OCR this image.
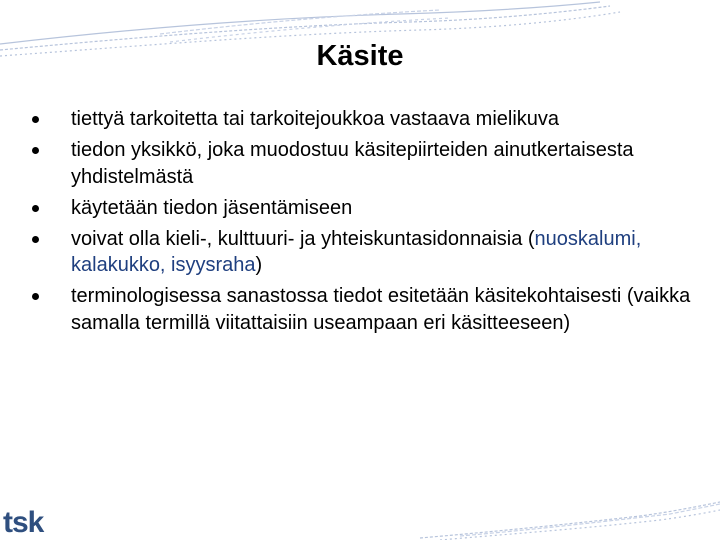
Käsite
tiettyä tarkoitetta tai tarkoitejoukkoa vastaava mielikuva
tiedon yksikkö, joka muodostuu käsitepiirteiden ainutkertaisesta yhdistelmästä
käytetään tiedon jäsentämiseen
voivat olla kieli-, kulttuuri- ja yhteiskuntasidonnaisia (nuoskalumi, kalakukko, isyysraha)
terminologisessa sanastossa tiedot esitetään käsitekohtaisesti (vaikka samalla termillä viitattaisiin useampaan eri käsitteeseen)
tsk
